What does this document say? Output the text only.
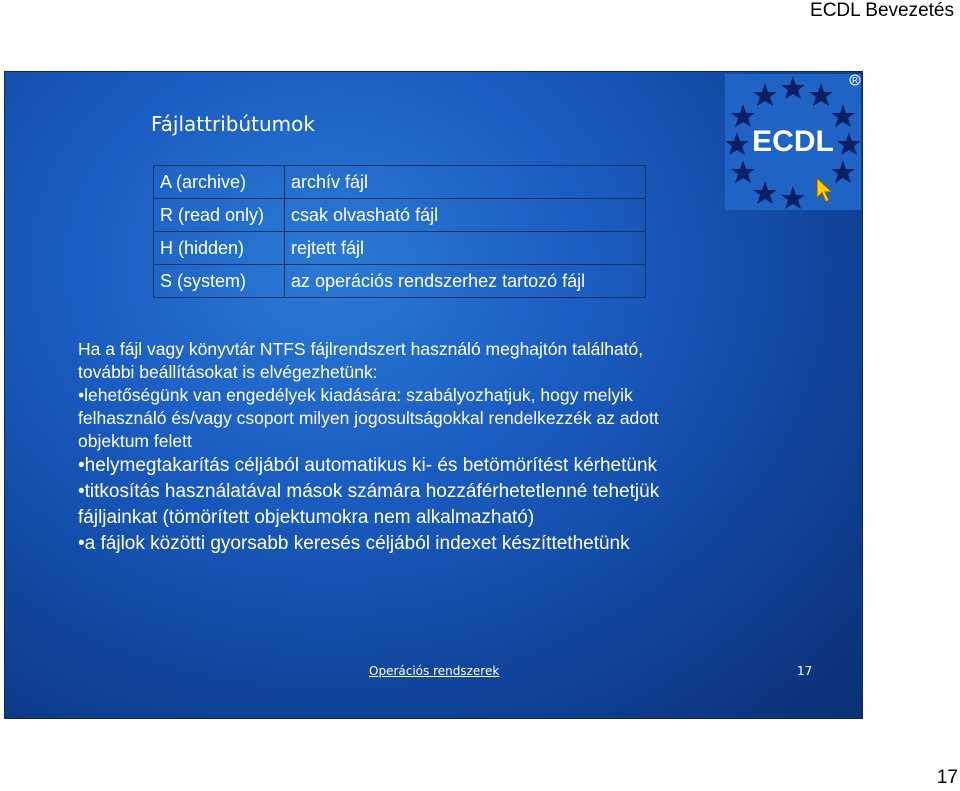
ECDL Bevezetés
Fájlattribútumok
ECDL
R
A (archive)	archív fájl
R (read only)	csak olvasható fájl
H (hidden)	rejtett fájl
S (system)	az operációs rendszerhez tartozó fájl

Ha a fájl vagy könyvtár NTFS fájlrendszert használó meghajtón található,

további beállításokat is elvégezhetünk:

•lehetőségünk van engedélyek kiadására: szabályozhatjuk, hogy melyik

felhasználó és/vagy csoport milyen jogosultságokkal rendelkezzék az adott

objektum felett

•helymegtakarítás céljából automatikus ki- és betömörítést kérhetünk

•titkosítás használatával mások számára hozzáférhetetlenné tehetjük

fájljainkat (tömörített objektumokra nem alkalmazható)

•a fájlok közötti gyorsabb keresés céljából indexet készíttethetünk

Operációs rendszerek	17
17
